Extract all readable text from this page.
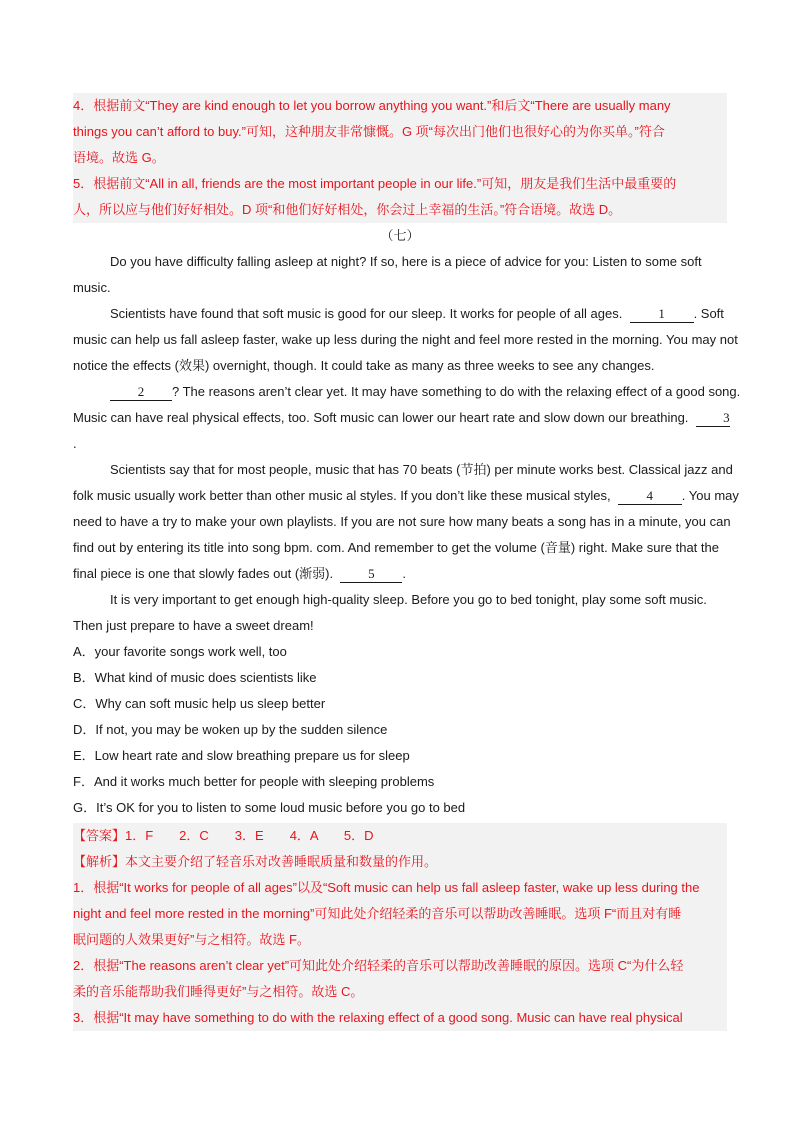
4．根据前文“They are kind enough to let you borrow anything you want.”和后文“There are usually many
things you can’t afford to buy.”可知，这种朋友非常慷慨。G 项“每次出门他们也很好心的为你买单。”符合
语境。故选 G。
5．根据前文“All in all, friends are the most important people in our life.”可知，朋友是我们生活中最重要的
人，所以应与他们好好相处。D 项“和他们好好相处，你会过上幸福的生活。”符合语境。故选 D。
（七）
Do you have difficulty falling asleep at night? If so, here is a piece of advice for you: Listen to some soft
music.
Scientists have found that soft music is good for our sleep. It works for people of all ages.	1 . Soft
music can help us fall asleep faster, wake up less during the night and feel more rested in the morning. You may not
notice the effects (效果) overnight, though. It could take as many as three weeks to see any changes.
2 ? The reasons aren’t clear yet. It may have something to do with the relaxing effect of a good song.
Music can have real physical effects, too. Soft music can lower our heart rate and slow down our breathing.	3
.
Scientists say that for most people, music that has 70 beats (节拍) per minute works best. Classical jazz and
folk music usually work better than other music al styles. If you don’t like these musical styles,	4 . You may
need to have a try to make your own playlists. If you are not sure how many beats a song has in a minute, you can
find out by entering its title into song bpm. com. And remember to get the volume (音量) right. Make sure that the
final piece is one that slowly fades out (渐弱).	5 .
It is very important to get enough high-quality sleep. Before you go to bed tonight, play some soft music.
Then just prepare to have a sweet dream!
A．your favorite songs work well, too
B．What kind of music does scientists like
C．Why can soft music help us sleep better
D．If not, you may be woken up by the sudden silence
E．Low heart rate and slow breathing prepare us for sleep
F．And it works much better for people with sleeping problems
G．It’s OK for you to listen to some loud music before you go to bed
【答案】1．F　　2．C　　3．E　　4．A　　5．D
【解析】本文主要介绍了轻音乐对改善睡眠质量和数量的作用。
1．根据“It works for people of all ages”以及“Soft music can help us fall asleep faster, wake up less during the
night and feel more rested in the morning”可知此处介绍轻柔的音乐可以帮助改善睡眠。选项 F“而且对有睡
眠问题的人效果更好”与之相符。故选 F。
2．根据“The reasons aren’t clear yet”可知此处介绍轻柔的音乐可以帮助改善睡眠的原因。选项 C“为什么轻
柔的音乐能帮助我们睡得更好”与之相符。故选 C。
3．根据“It may have something to do with the relaxing effect of a good song. Music can have real physical
